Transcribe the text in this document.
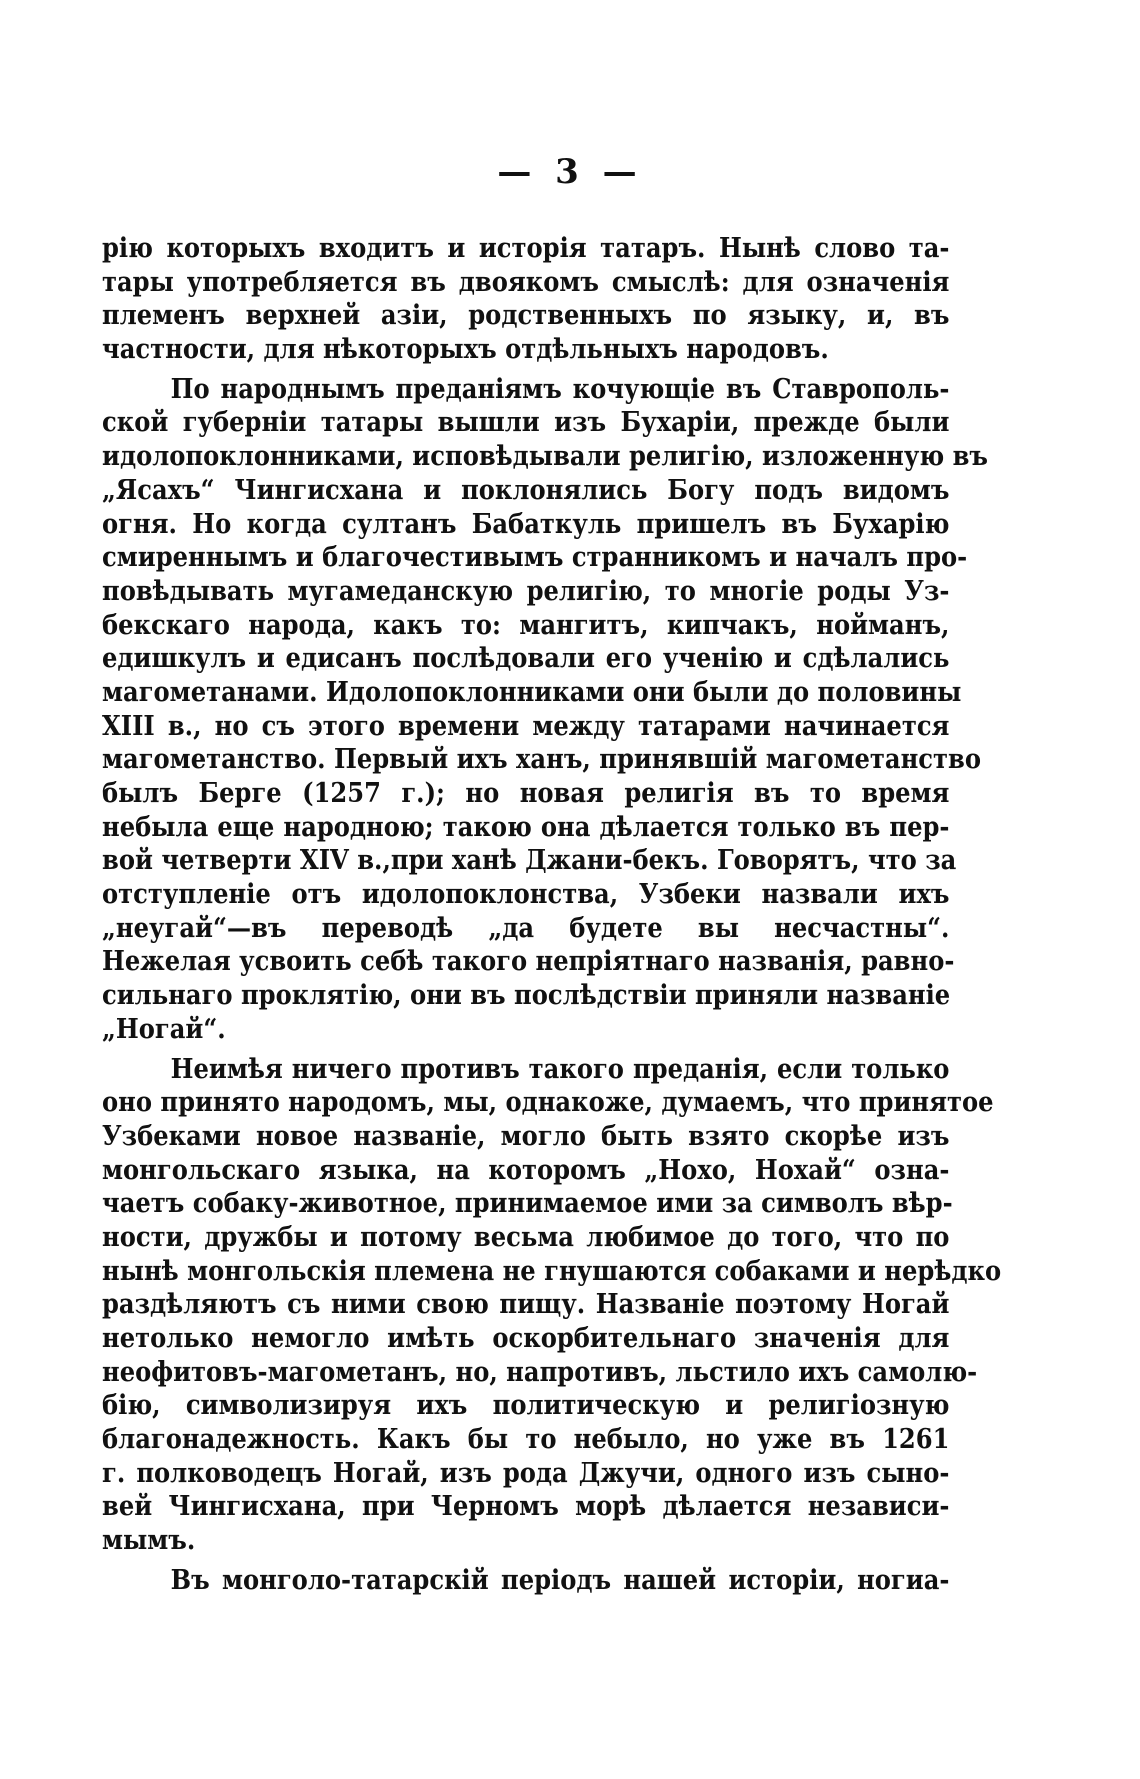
— 3 —
рію которыхъ входитъ и исторія татаръ. Нынѣ слово та-
тары употребляется въ двоякомъ смыслѣ: для означенія
племенъ верхней азіи, родственныхъ по языку, и, въ
частности, для нѣкоторыхъ отдѣльныхъ народовъ.
По народнымъ преданіямъ кочующіе въ Ставрополь-
ской губерніи татары вышли изъ Бухаріи, прежде были
идолопоклонниками, исповѣдывали религію, изложенную въ
„Ясахъ“ Чингисхана и поклонялись Богу подъ видомъ
огня. Но когда султанъ Бабаткуль пришелъ въ Бухарію
смиреннымъ и благочестивымъ странникомъ и началъ про-
повѣдывать мугамеданскую религію, то многіе роды Уз-
бекскаго народа, какъ то: мангитъ, кипчакъ, нойманъ,
едишкулъ и едисанъ послѣдовали его ученію и сдѣлались
магометанами. Идолопоклонниками они были до половины
XIII в., но съ этого времени между татарами начинается
магометанство. Первый ихъ ханъ, принявшій магометанство
былъ Берге (1257 г.); но новая религія въ то время
небыла еще народною; такою она дѣлается только въ пер-
вой четверти XIV в.,при ханѣ Джани-бекъ. Говорятъ, что за
отступленіе отъ идолопоклонства, Узбеки назвали ихъ
„неугай“—въ переводѣ „да будете вы несчастны“.
Нежелая усвоить себѣ такого непріятнаго названія, равно-
сильнаго проклятію, они въ послѣдствіи приняли названіе
„Ногай“.
Неимѣя ничего противъ такого преданія, если только
оно принято народомъ, мы, однакоже, думаемъ, что принятое
Узбеками новое названіе, могло быть взято скорѣе изъ
монгольскаго языка, на которомъ „Нохо, Нохай“ озна-
чаетъ собаку-животное, принимаемое ими за символъ вѣр-
ности, дружбы и потому весьма любимое до того, что по
нынѣ монгольскія племена не гнушаются собаками и нерѣдко
раздѣляютъ съ ними свою пищу. Названіе поэтому Ногай
нетолько немогло имѣть оскорбительнаго значенія для
неофитовъ-магометанъ, но, напротивъ, льстило ихъ самолю-
бію, символизируя ихъ политическую и религіозную
благонадежность. Какъ бы то небыло, но уже въ 1261
г. полководецъ Ногай, изъ рода Джучи, одного изъ сыно-
вей Чингисхана, при Черномъ морѣ дѣлается независи-
мымъ.
Въ монголо-татарскій періодъ нашей исторіи, ногиа-
